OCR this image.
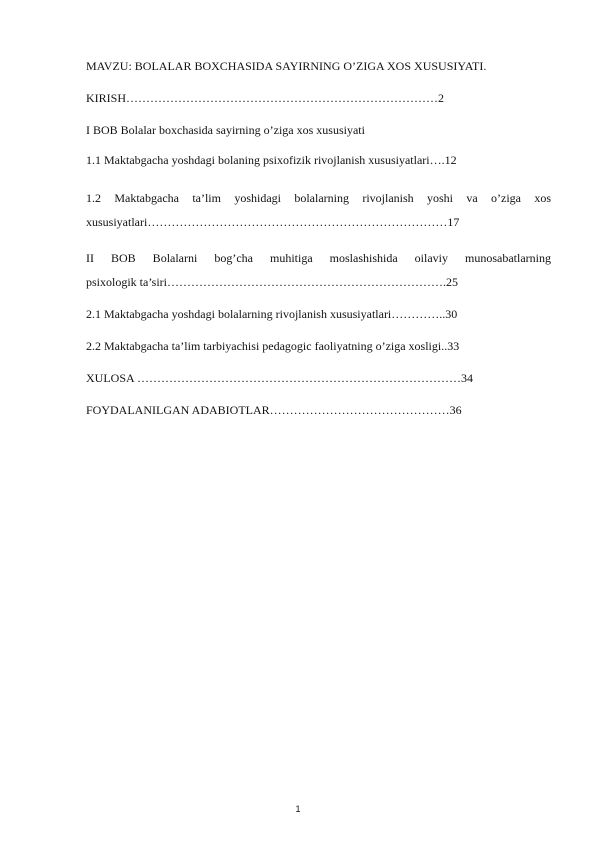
MAVZU: BOLALAR BOXCHASIDA SAYIRNING O’ZIGA XOS XUSUSIYATI.
KIRISH……………………………………………………………………2
I BOB Bolalar boxchasida sayirning o’ziga xos xususiyati
1.1 Maktabgacha yoshdagi bolaning psixofizik rivojlanish xususiyatlari….12
1.2 Maktabgacha ta’lim yoshidagi bolalarning rivojlanish yoshi va o’ziga xos
xususiyatlari…………………………………………………………………17
II BOB Bolalarni bog’cha muhitiga moslashishida oilaviy munosabatlarning
psixologik ta’siri…………………………………………………………….25
2.1 Maktabgacha yoshdagi bolalarning rivojlanish xususiyatlari…………..30
2.2 Maktabgacha ta’lim tarbiyachisi pedagogic faoliyatning o’ziga xosligi..33
XULOSA ………………………………………………………………………34
FOYDALANILGAN ADABIOTLAR………………………………………36
1
